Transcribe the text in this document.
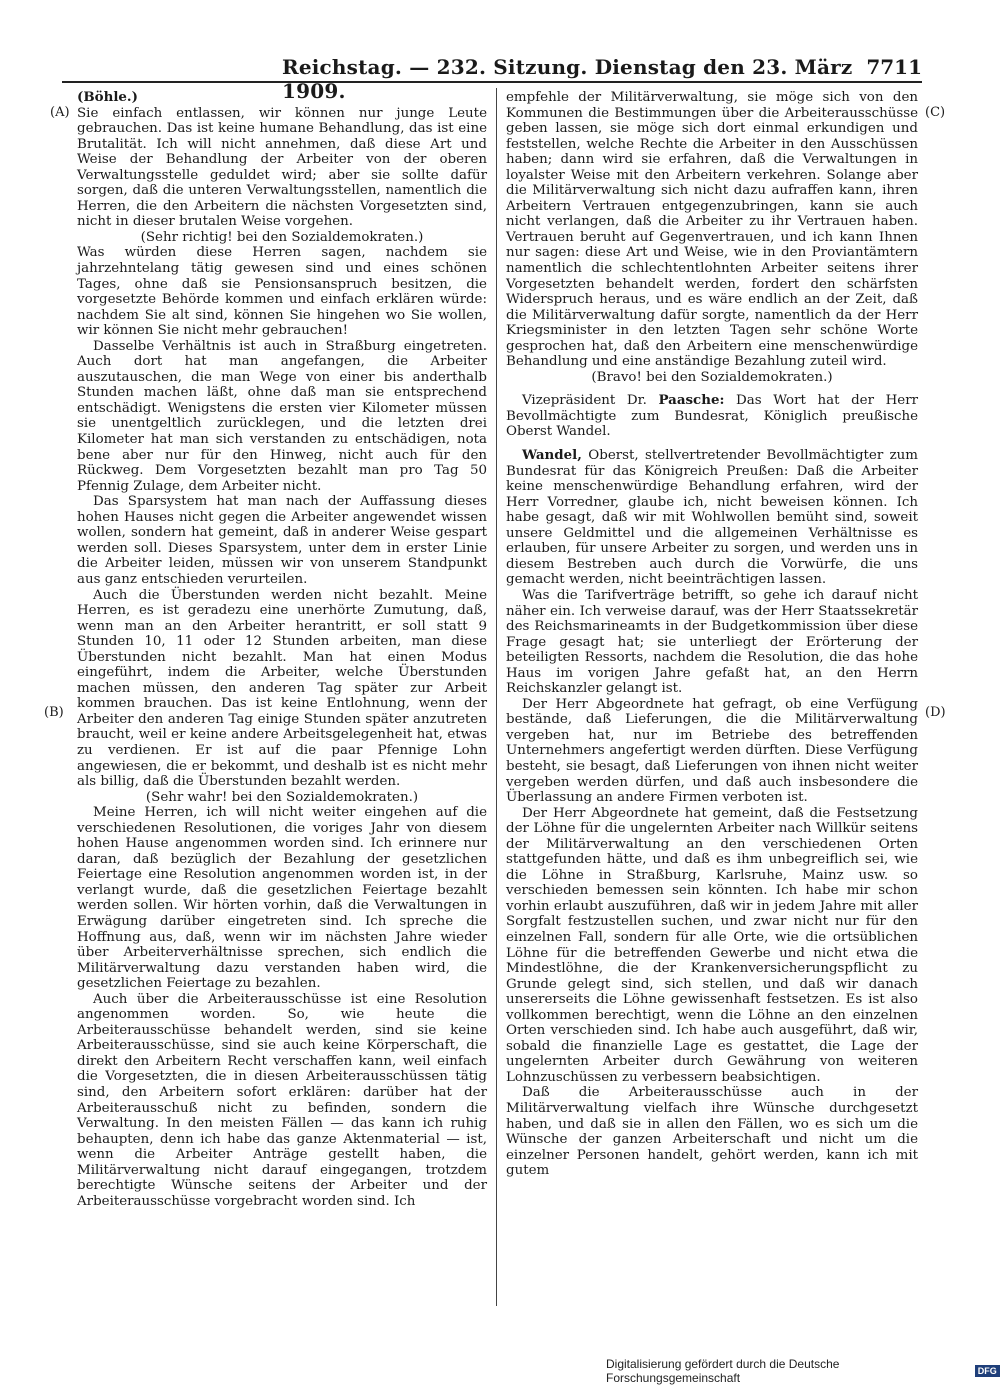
Reichstag. — 232. Sitzung. Dienstag den 23. März 1909.
7711
(A)
(B)
(C)
(D)

(Böhle.)

Sie einfach entlassen, wir können nur junge Leute gebrauchen. Das ist keine humane Behandlung, das ist eine Brutalität. Ich will nicht annehmen, daß diese Art und Weise der Behandlung der Arbeiter von der oberen Verwaltungsstelle geduldet wird; aber sie sollte dafür sorgen, daß die unteren Verwaltungsstellen, namentlich die Herren, die den Arbeitern die nächsten Vorgesetzten sind, nicht in dieser brutalen Weise vorgehen.

(Sehr richtig! bei den Sozialdemokraten.)

Was würden diese Herren sagen, nachdem sie jahrzehntelang tätig gewesen sind und eines schönen Tages, ohne daß sie Pensionsanspruch besitzen, die vorgesetzte Behörde kommen und einfach erklären würde: nachdem Sie alt sind, können Sie hingehen wo Sie wollen, wir können Sie nicht mehr gebrauchen!

Dasselbe Verhältnis ist auch in Straßburg eingetreten. Auch dort hat man angefangen, die Arbeiter auszutauschen, die man Wege von einer bis anderthalb Stunden machen läßt, ohne daß man sie entsprechend entschädigt. Wenigstens die ersten vier Kilometer müssen sie unentgeltlich zurücklegen, und die letzten drei Kilometer hat man sich verstanden zu entschädigen, nota bene aber nur für den Hinweg, nicht auch für den Rückweg. Dem Vorgesetzten bezahlt man pro Tag 50 Pfennig Zulage, dem Arbeiter nicht.

Das Sparsystem hat man nach der Auffassung dieses hohen Hauses nicht gegen die Arbeiter angewendet wissen wollen, sondern hat gemeint, daß in anderer Weise gespart werden soll. Dieses Sparsystem, unter dem in erster Linie die Arbeiter leiden, müssen wir von unserem Standpunkt aus ganz entschieden verurteilen.

Auch die Überstunden werden nicht bezahlt. Meine Herren, es ist geradezu eine unerhörte Zumutung, daß, wenn man an den Arbeiter herantritt, er soll statt 9 Stunden 10, 11 oder 12 Stunden arbeiten, man diese Überstunden nicht bezahlt. Man hat einen Modus eingeführt, indem die Arbeiter, welche Überstunden machen müssen, den anderen Tag später zur Arbeit kommen brauchen. Das ist keine Entlohnung, wenn der Arbeiter den anderen Tag einige Stunden später anzutreten braucht, weil er keine andere Arbeitsgelegenheit hat, etwas zu verdienen. Er ist auf die paar Pfennige Lohn angewiesen, die er bekommt, und deshalb ist es nicht mehr als billig, daß die Überstunden bezahlt werden.

(Sehr wahr! bei den Sozialdemokraten.)

Meine Herren, ich will nicht weiter eingehen auf die verschiedenen Resolutionen, die voriges Jahr von diesem hohen Hause angenommen worden sind. Ich erinnere nur daran, daß bezüglich der Bezahlung der gesetzlichen Feiertage eine Resolution angenommen worden ist, in der verlangt wurde, daß die gesetzlichen Feiertage bezahlt werden sollen. Wir hörten vorhin, daß die Verwaltungen in Erwägung darüber eingetreten sind. Ich spreche die Hoffnung aus, daß, wenn wir im nächsten Jahre wieder über Arbeiterverhältnisse sprechen, sich endlich die Militärverwaltung dazu verstanden haben wird, die gesetzlichen Feiertage zu bezahlen.

Auch über die Arbeiterausschüsse ist eine Resolution angenommen worden. So, wie heute die Arbeiterausschüsse behandelt werden, sind sie keine Arbeiterausschüsse, sind sie auch keine Körperschaft, die direkt den Arbeitern Recht verschaffen kann, weil einfach die Vorgesetzten, die in diesen Arbeiterausschüssen tätig sind, den Arbeitern sofort erklären: darüber hat der Arbeiterausschuß nicht zu befinden, sondern die Verwaltung. In den meisten Fällen — das kann ich ruhig behaupten, denn ich habe das ganze Aktenmaterial — ist, wenn die Arbeiter Anträge gestellt haben, die Militärverwaltung nicht darauf eingegangen, trotzdem berechtigte Wünsche seitens der Arbeiter und der Arbeiterausschüsse vorgebracht worden sind. Ich

empfehle der Militärverwaltung, sie möge sich von den Kommunen die Bestimmungen über die Arbeiterausschüsse geben lassen, sie möge sich dort einmal erkundigen und feststellen, welche Rechte die Arbeiter in den Ausschüssen haben; dann wird sie erfahren, daß die Verwaltungen in loyalster Weise mit den Arbeitern verkehren. Solange aber die Militärverwaltung sich nicht dazu aufraffen kann, ihren Arbeitern Vertrauen entgegenzubringen, kann sie auch nicht verlangen, daß die Arbeiter zu ihr Vertrauen haben. Vertrauen beruht auf Gegenvertrauen, und ich kann Ihnen nur sagen: diese Art und Weise, wie in den Proviantämtern namentlich die schlechtentlohnten Arbeiter seitens ihrer Vorgesetzten behandelt werden, fordert den schärfsten Widerspruch heraus, und es wäre endlich an der Zeit, daß die Militärverwaltung dafür sorgte, namentlich da der Herr Kriegsminister in den letzten Tagen sehr schöne Worte gesprochen hat, daß den Arbeitern eine menschenwürdige Behandlung und eine anständige Bezahlung zuteil wird.

(Bravo! bei den Sozialdemokraten.)

Vizepräsident Dr. Paasche: Das Wort hat der Herr Bevollmächtigte zum Bundesrat, Königlich preußische Oberst Wandel.

Wandel, Oberst, stellvertretender Bevollmächtigter zum Bundesrat für das Königreich Preußen: Daß die Arbeiter keine menschenwürdige Behandlung erfahren, wird der Herr Vorredner, glaube ich, nicht beweisen können. Ich habe gesagt, daß wir mit Wohlwollen bemüht sind, soweit unsere Geldmittel und die allgemeinen Verhältnisse es erlauben, für unsere Arbeiter zu sorgen, und werden uns in diesem Bestreben auch durch die Vorwürfe, die uns gemacht werden, nicht beeinträchtigen lassen.

Was die Tarifverträge betrifft, so gehe ich darauf nicht näher ein. Ich verweise darauf, was der Herr Staatssekretär des Reichsmarineamts in der Budgetkommission über diese Frage gesagt hat; sie unterliegt der Erörterung der beteiligten Ressorts, nachdem die Resolution, die das hohe Haus im vorigen Jahre gefaßt hat, an den Herrn Reichskanzler gelangt ist.

Der Herr Abgeordnete hat gefragt, ob eine Verfügung bestände, daß Lieferungen, die die Militärverwaltung vergeben hat, nur im Betriebe des betreffenden Unternehmers angefertigt werden dürften. Diese Verfügung besteht, sie besagt, daß Lieferungen von ihnen nicht weiter vergeben werden dürfen, und daß auch insbesondere die Überlassung an andere Firmen verboten ist.

Der Herr Abgeordnete hat gemeint, daß die Festsetzung der Löhne für die ungelernten Arbeiter nach Willkür seitens der Militärverwaltung an den verschiedenen Orten stattgefunden hätte, und daß es ihm unbegreiflich sei, wie die Löhne in Straßburg, Karlsruhe, Mainz usw. so verschieden bemessen sein könnten. Ich habe mir schon vorhin erlaubt auszuführen, daß wir in jedem Jahre mit aller Sorgfalt festzustellen suchen, und zwar nicht nur für den einzelnen Fall, sondern für alle Orte, wie die ortsüblichen Löhne für die betreffenden Gewerbe und nicht etwa die Mindestlöhne, die der Krankenversicherungspflicht zu Grunde gelegt sind, sich stellen, und daß wir danach unsererseits die Löhne gewissenhaft festsetzen. Es ist also vollkommen berechtigt, wenn die Löhne an den einzelnen Orten verschieden sind. Ich habe auch ausgeführt, daß wir, sobald die finanzielle Lage es gestattet, die Lage der ungelernten Arbeiter durch Gewährung von weiteren Lohnzuschüssen zu verbessern beabsichtigen.

Daß die Arbeiterausschüsse auch in der Militärverwaltung vielfach ihre Wünsche durchgesetzt haben, und daß sie in allen den Fällen, wo es sich um die Wünsche der ganzen Arbeiterschaft und nicht um die einzelner Personen handelt, gehört werden, kann ich mit gutem

Digitalisierung gefördert durch die Deutsche Forschungsgemeinschaft	DFG
